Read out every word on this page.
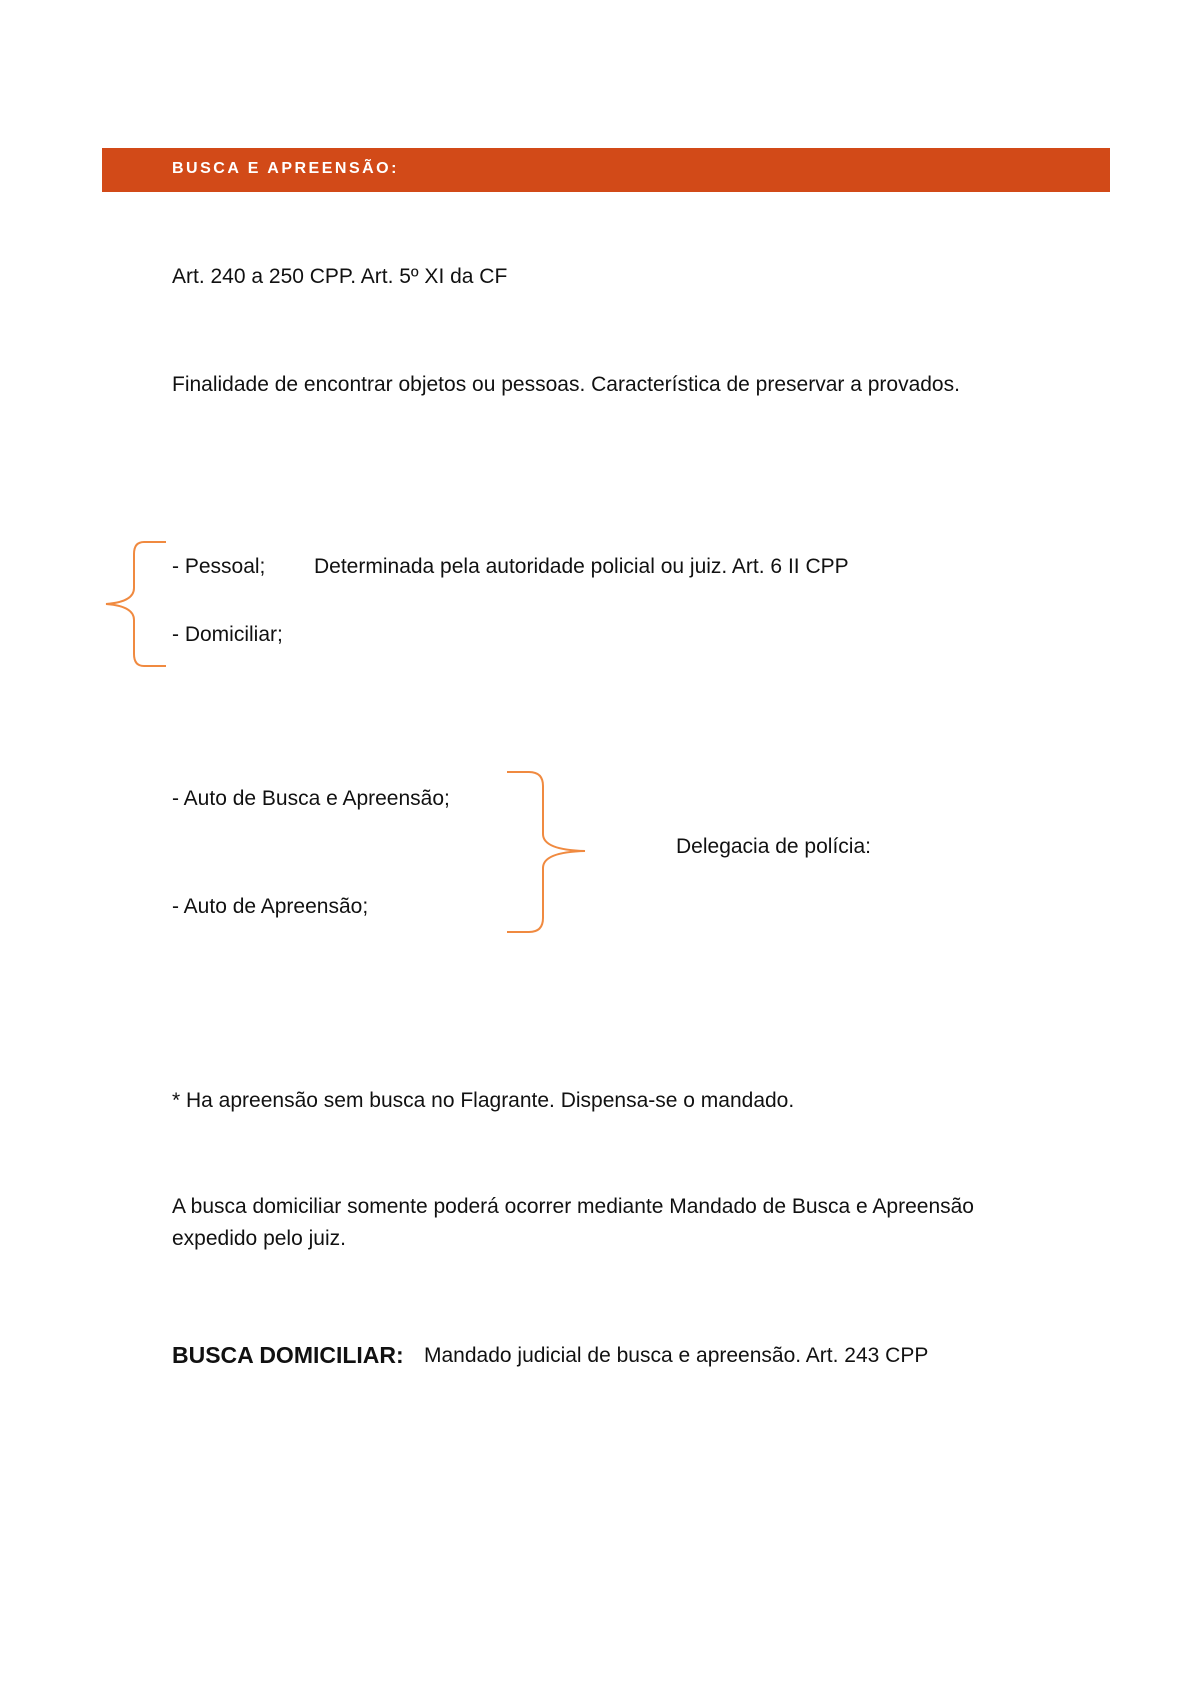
BUSCA E APREENSÃO:
Art. 240 a 250 CPP. Art. 5º XI da CF
Finalidade de encontrar objetos ou pessoas. Característica de preservar a provados.
- Pessoal; Determinada pela autoridade policial ou juiz. Art. 6 II CPP
- Domiciliar;
- Auto de Busca e Apreensão;
Delegacia de polícia:
- Auto de Apreensão;
* Ha apreensão sem busca no Flagrante. Dispensa-se o mandado.
A busca domiciliar somente poderá ocorrer mediante Mandado de Busca e Apreensão
expedido pelo juiz.
BUSCA DOMICILIAR: Mandado judicial de busca e apreensão. Art. 243 CPP
